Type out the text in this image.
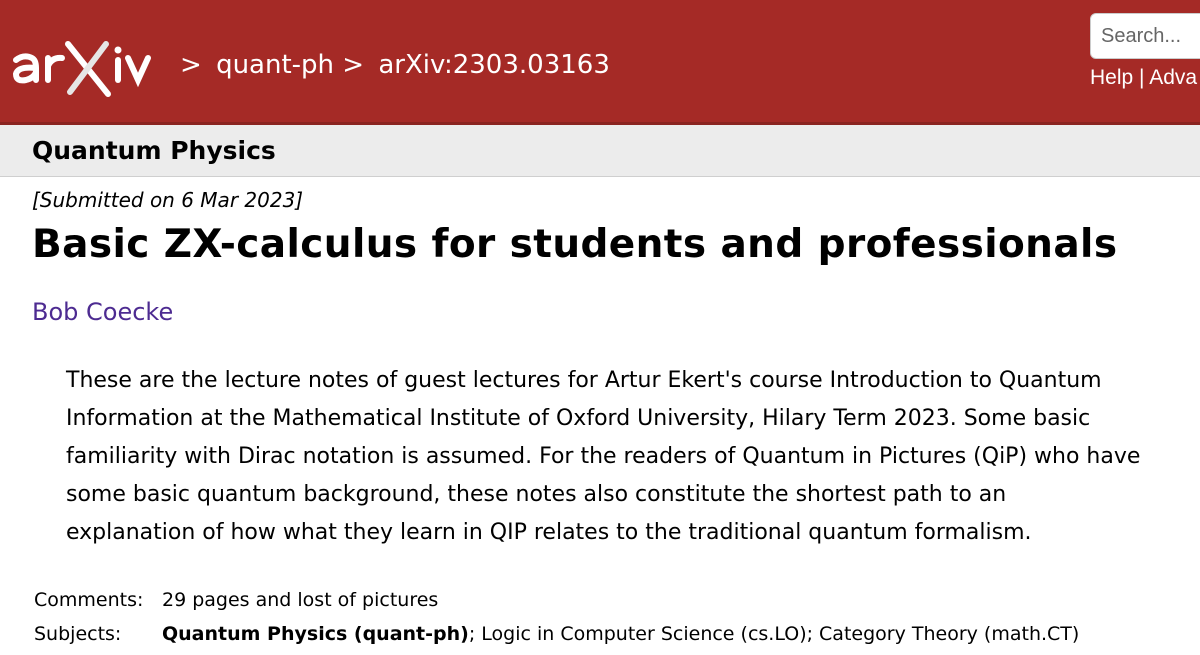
> quant-ph > arXiv:2303.03163
Search...
Help | Adva
Quantum Physics
[Submitted on 6 Mar 2023]
Basic ZX-calculus for students and professionals
Bob Coecke
These are the lecture notes of guest lectures for Artur Ekert's course Introduction to Quantum
Information at the Mathematical Institute of Oxford University, Hilary Term 2023. Some basic
familiarity with Dirac notation is assumed. For the readers of Quantum in Pictures (QiP) who have
some basic quantum background, these notes also constitute the shortest path to an
explanation of how what they learn in QIP relates to the traditional quantum formalism.
Comments: 29 pages and lost of pictures
Subjects: Quantum Physics (quant-ph); Logic in Computer Science (cs.LO); Category Theory (math.CT)
